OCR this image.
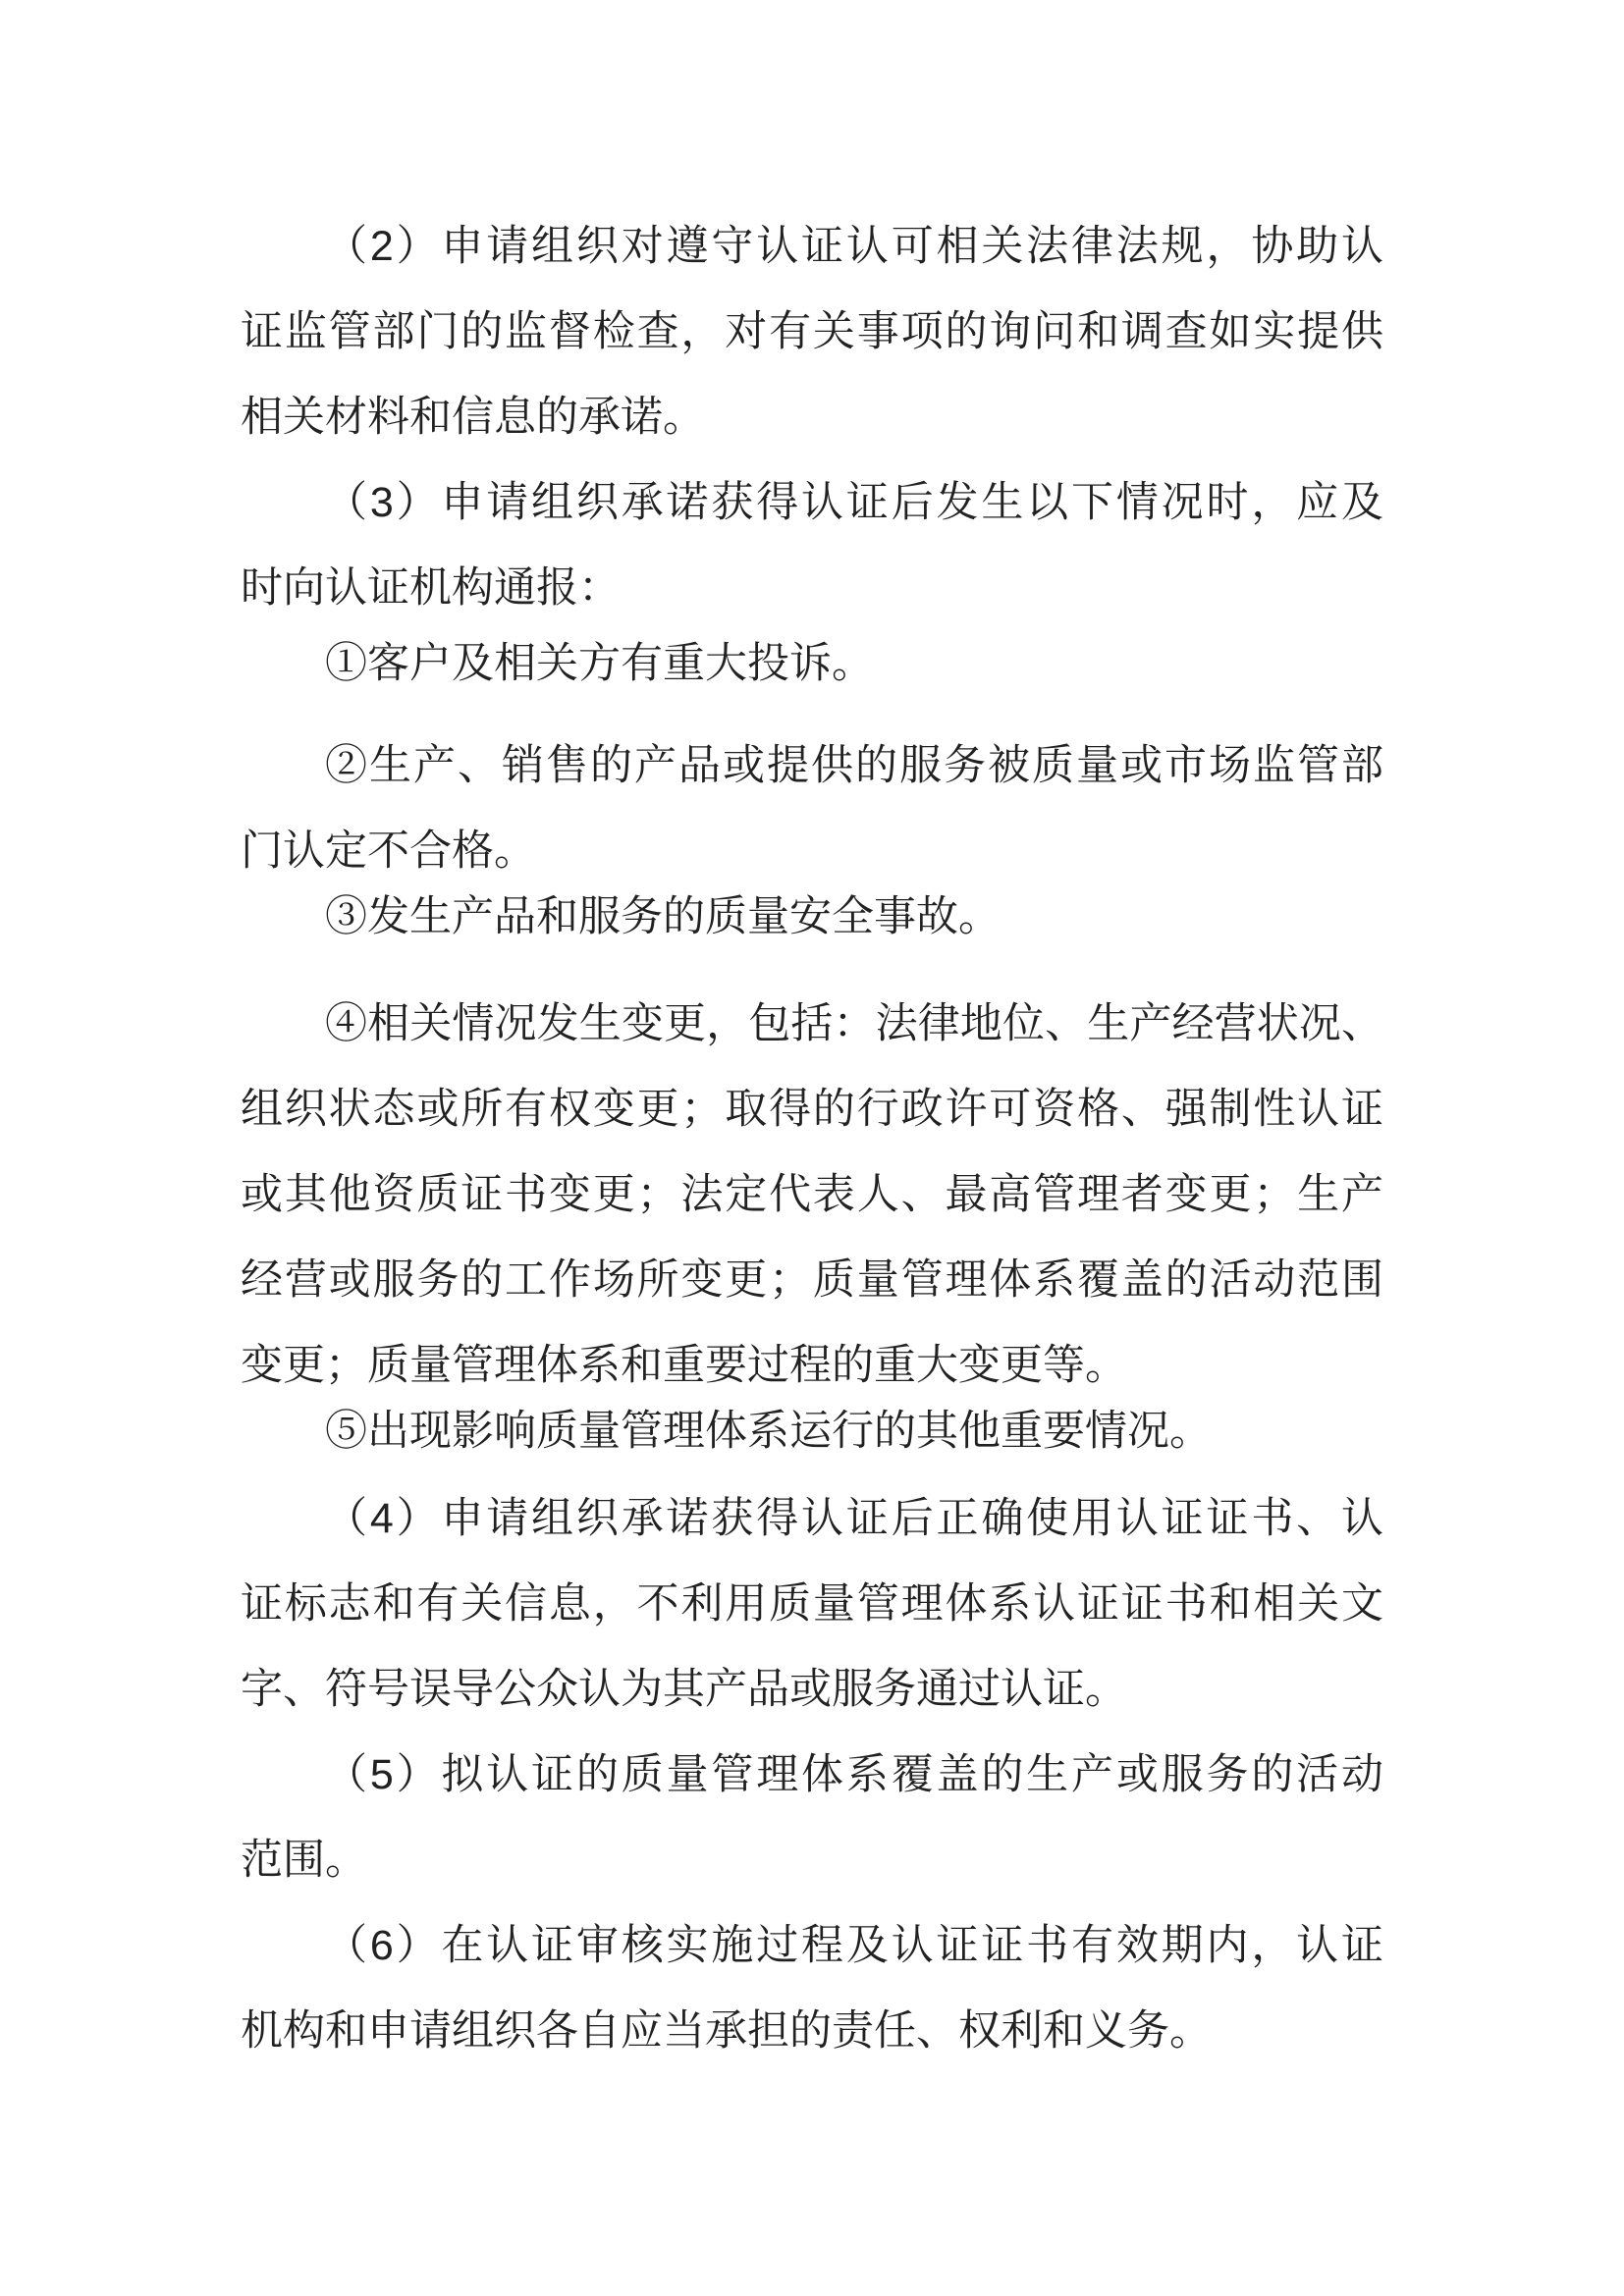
（2）申请组织对遵守认证认可相关法律法规，协助认
证监管部门的监督检查，对有关事项的询问和调查如实提供
相关材料和信息的承诺。
（3）申请组织承诺获得认证后发生以下情况时，应及
时向认证机构通报：
①客户及相关方有重大投诉。
②生产、销售的产品或提供的服务被质量或市场监管部
门认定不合格。
③发生产品和服务的质量安全事故。
④相关情况发生变更，包括：法律地位、生产经营状况、
组织状态或所有权变更；取得的行政许可资格、强制性认证
或其他资质证书变更；法定代表人、最高管理者变更；生产
经营或服务的工作场所变更；质量管理体系覆盖的活动范围
变更；质量管理体系和重要过程的重大变更等。
⑤出现影响质量管理体系运行的其他重要情况。
（4）申请组织承诺获得认证后正确使用认证证书、认
证标志和有关信息，不利用质量管理体系认证证书和相关文
字、符号误导公众认为其产品或服务通过认证。
（5）拟认证的质量管理体系覆盖的生产或服务的活动
范围。
（6）在认证审核实施过程及认证证书有效期内，认证
机构和申请组织各自应当承担的责任、权利和义务。
